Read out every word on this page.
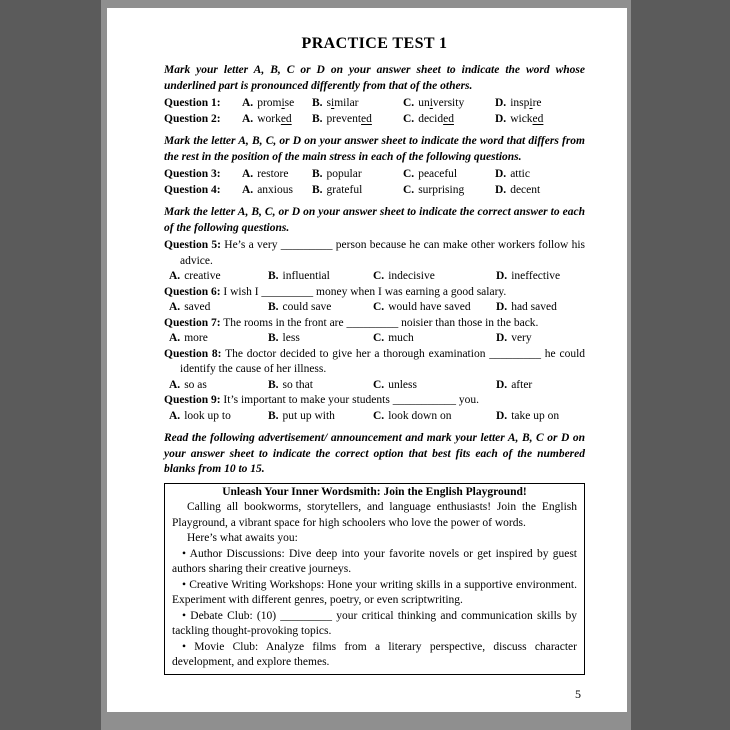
PRACTICE TEST 1

Mark your letter A, B, C or D on your answer sheet to indicate the word whose underlined part is pronounced differently from that of the others.

Question 1:	A. promise	B. similar	C. university	D. inspire
Question 2:	A. worked	B. prevented	C. decided	D. wicked

Mark the letter A, B, C, or D on your answer sheet to indicate the word that differs from the rest in the position of the main stress in each of the following questions.

Question 3:	A. restore	B. popular	C. peaceful	D. attic
Question 4:	A. anxious	B. grateful	C. surprising	D. decent

Mark the letter A, B, C, or D on your answer sheet to indicate the correct answer to each of the following questions.

Question 5: He’s a very _________ person because he can make other workers follow his advice.

A. creative	B. influential	C. indecisive	D. ineffective

Question 6: I wish I _________ money when I was earning a good salary.

A. saved	B. could save	C. would have saved	D. had saved

Question 7: The rooms in the front are _________ noisier than those in the back.

A. more	B. less	C. much	D. very

Question 8: The doctor decided to give her a thorough examination _________ he could identify the cause of her illness.

A. so as	B. so that	C. unless	D. after

Question 9: It’s important to make your students ___________ you.

A. look up to	B. put up with	C. look down on	D. take up on

Read the following advertisement/ announcement and mark your letter A, B, C or D on your answer sheet to indicate the correct option that best fits each of the numbered blanks from 10 to 15.

Unleash Your Inner Wordsmith: Join the English Playground!

Calling all bookworms, storytellers, and language enthusiasts! Join the English Playground, a vibrant space for high schoolers who love the power of words.

Here’s what awaits you:

• Author Discussions: Dive deep into your favorite novels or get inspired by guest authors sharing their creative journeys.

• Creative Writing Workshops: Hone your writing skills in a supportive environment. Experiment with different genres, poetry, or even scriptwriting.

• Debate Club: (10) _________ your critical thinking and communication skills by tackling thought-provoking topics.

• Movie Club: Analyze films from a literary perspective, discuss character development, and explore themes.

5
